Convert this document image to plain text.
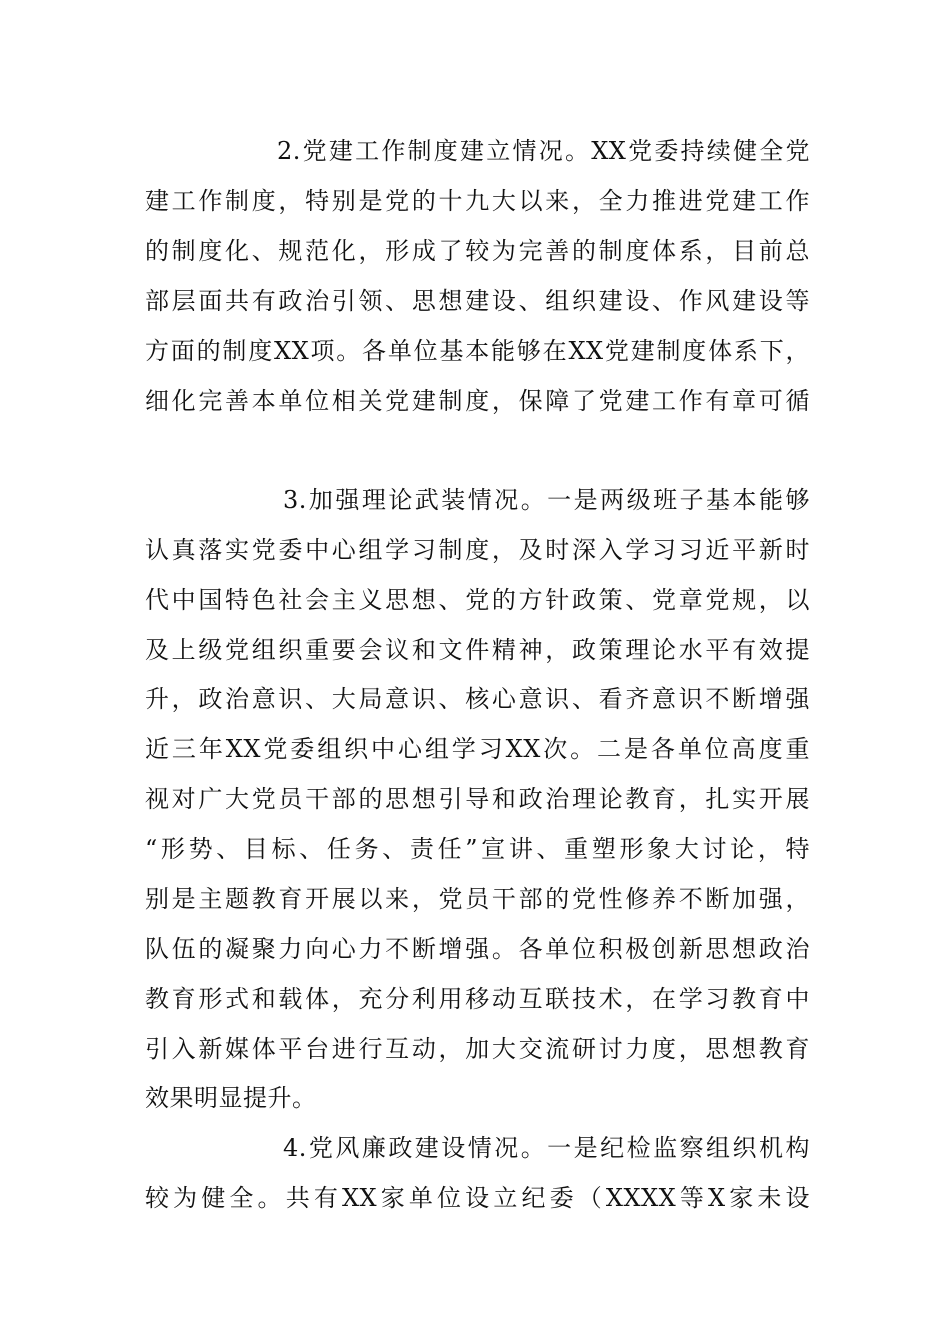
2.党建工作制度建立情况。XX党委持续健全党
建工作制度，特别是党的十九大以来，全力推进党建工作
的制度化、规范化，形成了较为完善的制度体系，目前总
部层面共有政治引领、思想建设、组织建设、作风建设等
方面的制度XX项。各单位基本能够在XX党建制度体系下，
细化完善本单位相关党建制度，保障了党建工作有章可循
3.加强理论武装情况。一是两级班子基本能够
认真落实党委中心组学习制度，及时深入学习习近平新时
代中国特色社会主义思想、党的方针政策、党章党规，以
及上级党组织重要会议和文件精神，政策理论水平有效提
升，政治意识、大局意识、核心意识、看齐意识不断增强
近三年XX党委组织中心组学习XX次。二是各单位高度重
视对广大党员干部的思想引导和政治理论教育，扎实开展
“形势、目标、任务、责任”宣讲、重塑形象大讨论，特
别是主题教育开展以来，党员干部的党性修养不断加强，
队伍的凝聚力向心力不断增强。各单位积极创新思想政治
教育形式和载体，充分利用移动互联技术，在学习教育中
引入新媒体平台进行互动，加大交流研讨力度，思想教育
效果明显提升。
4.党风廉政建设情况。一是纪检监察组织机构
较为健全。共有XX家单位设立纪委（XXXX等X家未设
